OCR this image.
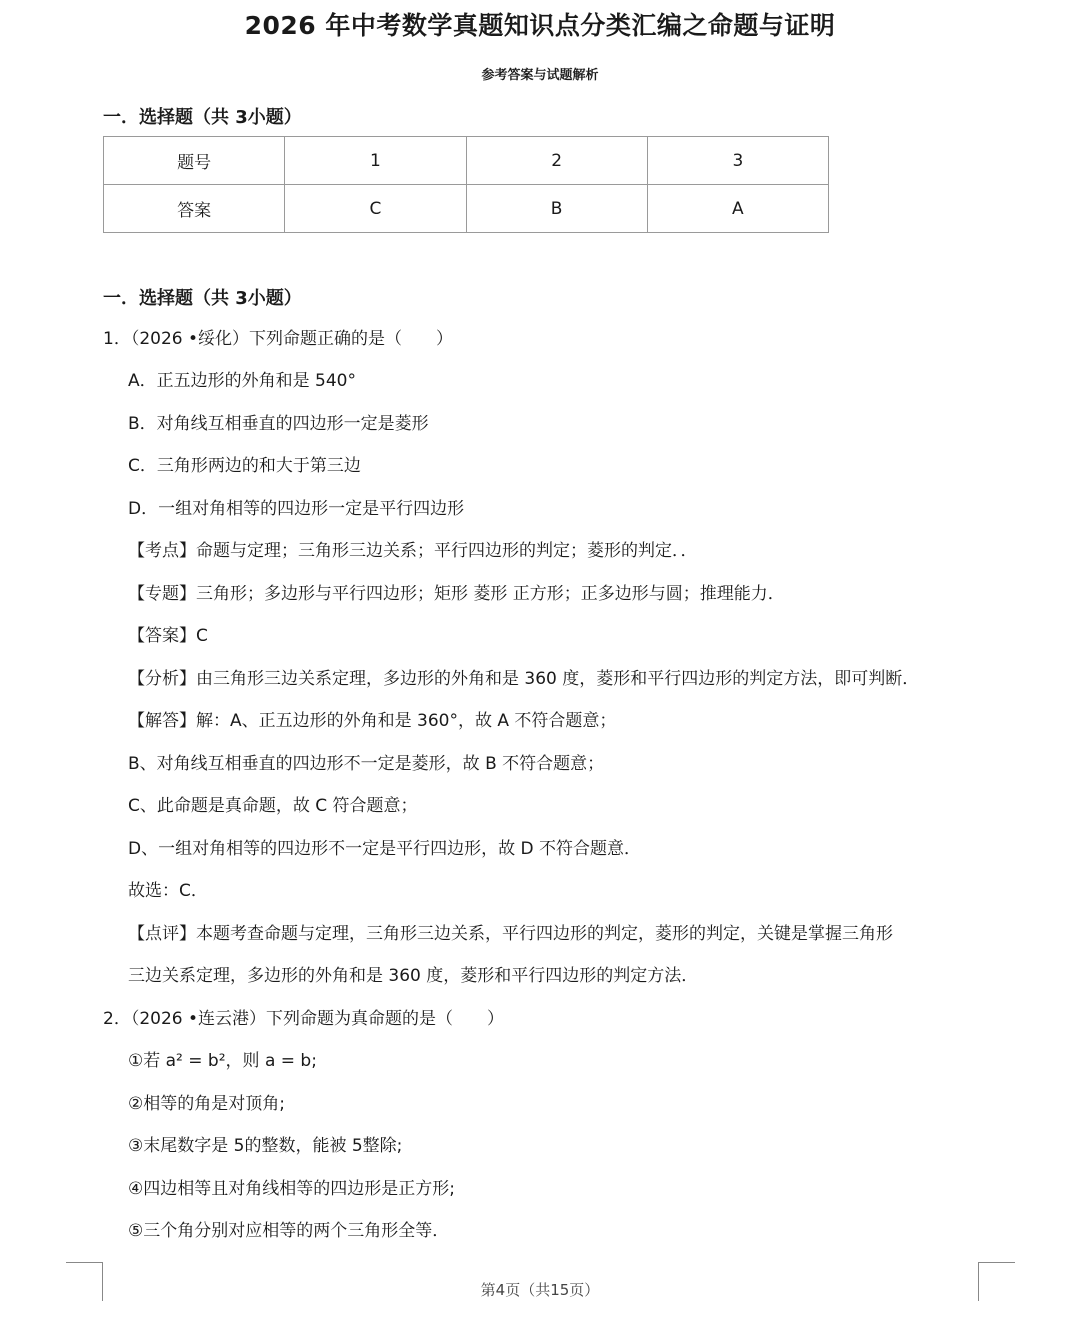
2026 年中考数学真题知识点分类汇编之命题与证明
参考答案与试题解析
一．选择题（共 3小题）
题号	1	2	3
答案	C	B	A
一．选择题（共 3小题）
1．（2026 •绥化）下列命题正确的是（　　）
A．正五边形的外角和是 540°
B．对角线互相垂直的四边形一定是菱形
C．三角形两边的和大于第三边
D．一组对角相等的四边形一定是平行四边形
【考点】命题与定理；三角形三边关系；平行四边形的判定；菱形的判定．．
【专题】三角形；多边形与平行四边形；矩形 菱形 正方形；正多边形与圆；推理能力．
【答案】C
【分析】由三角形三边关系定理，多边形的外角和是 360 度，菱形和平行四边形的判定方法，即可判断．
【解答】解：A、正五边形的外角和是 360°，故 A 不符合题意；
B、对角线互相垂直的四边形不一定是菱形，故 B 不符合题意；
C、此命题是真命题，故 C 符合题意；
D、一组对角相等的四边形不一定是平行四边形，故 D 不符合题意．
故选：C．
【点评】本题考查命题与定理，三角形三边关系，平行四边形的判定，菱形的判定，关键是掌握三角形
三边关系定理，多边形的外角和是 360 度，菱形和平行四边形的判定方法．
2．（2026 •连云港）下列命题为真命题的是（　　）
①若 a² = b²，则 a = b;
②相等的角是对顶角;
③末尾数字是 5的整数，能被 5整除;
④四边相等且对角线相等的四边形是正方形;
⑤三个角分别对应相等的两个三角形全等．
第4页（共15页）
